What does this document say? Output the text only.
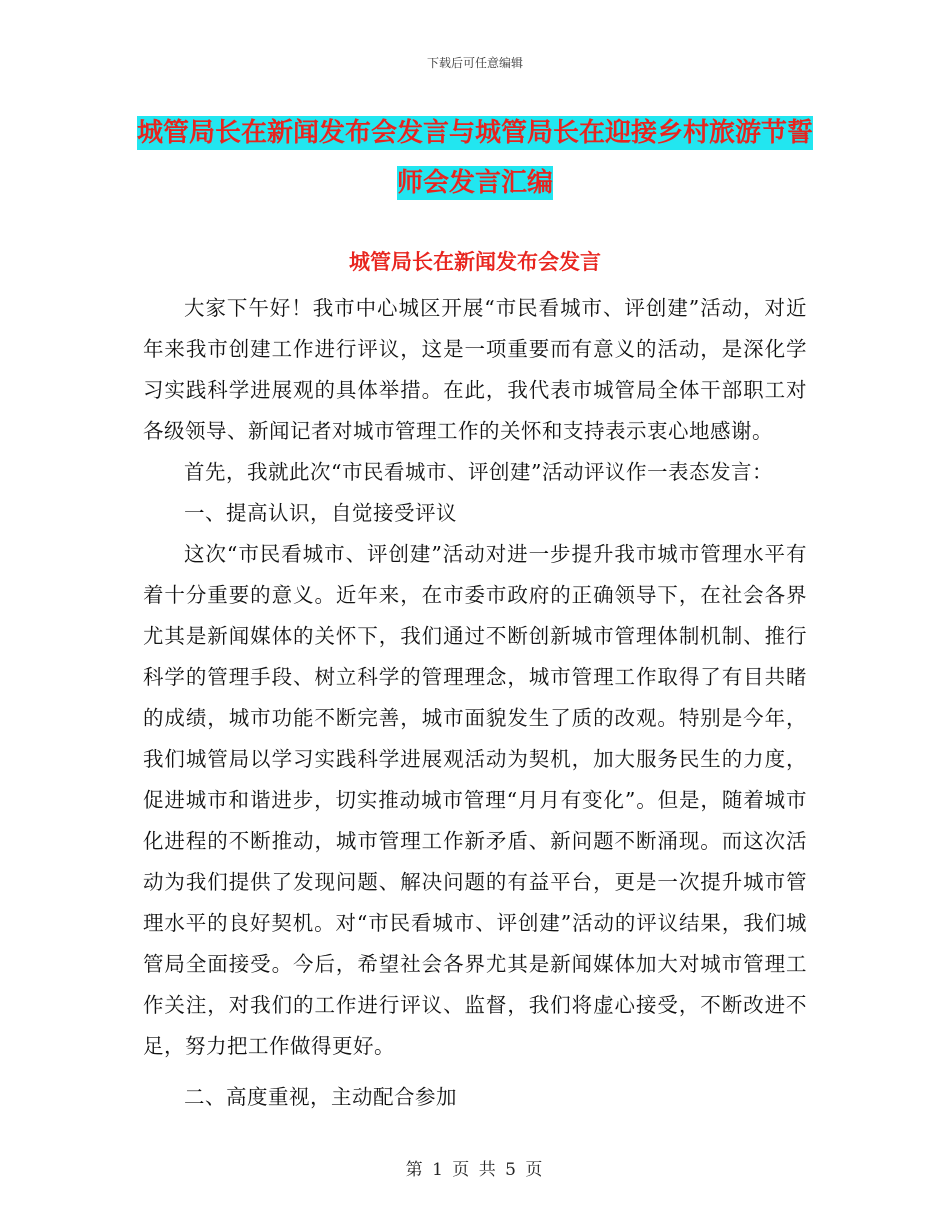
下载后可任意编辑
城管局长在新闻发布会发言与城管局长在迎接乡村旅游节誓师会发言汇编
城管局长在新闻发布会发言

大家下午好！我市中心城区开展“市民看城市、评创建”活动，对近年来我市创建工作进行评议，这是一项重要而有意义的活动，是深化学习实践科学进展观的具体举措。在此，我代表市城管局全体干部职工对各级领导、新闻记者对城市管理工作的关怀和支持表示衷心地感谢。

首先，我就此次“市民看城市、评创建”活动评议作一表态发言：

一、提高认识，自觉接受评议

这次“市民看城市、评创建”活动对进一步提升我市城市管理水平有着十分重要的意义。近年来，在市委市政府的正确领导下，在社会各界尤其是新闻媒体的关怀下，我们通过不断创新城市管理体制机制、推行科学的管理手段、树立科学的管理理念，城市管理工作取得了有目共睹的成绩，城市功能不断完善，城市面貌发生了质的改观。特别是今年，我们城管局以学习实践科学进展观活动为契机，加大服务民生的力度，促进城市和谐进步，切实推动城市管理“月月有变化”。但是，随着城市化进程的不断推动，城市管理工作新矛盾、新问题不断涌现。而这次活动为我们提供了发现问题、解决问题的有益平台，更是一次提升城市管理水平的良好契机。对“市民看城市、评创建”活动的评议结果，我们城管局全面接受。今后，希望社会各界尤其是新闻媒体加大对城市管理工作关注，对我们的工作进行评议、监督，我们将虚心接受，不断改进不足，努力把工作做得更好。

二、高度重视，主动配合参加

第 1 页 共 5 页
